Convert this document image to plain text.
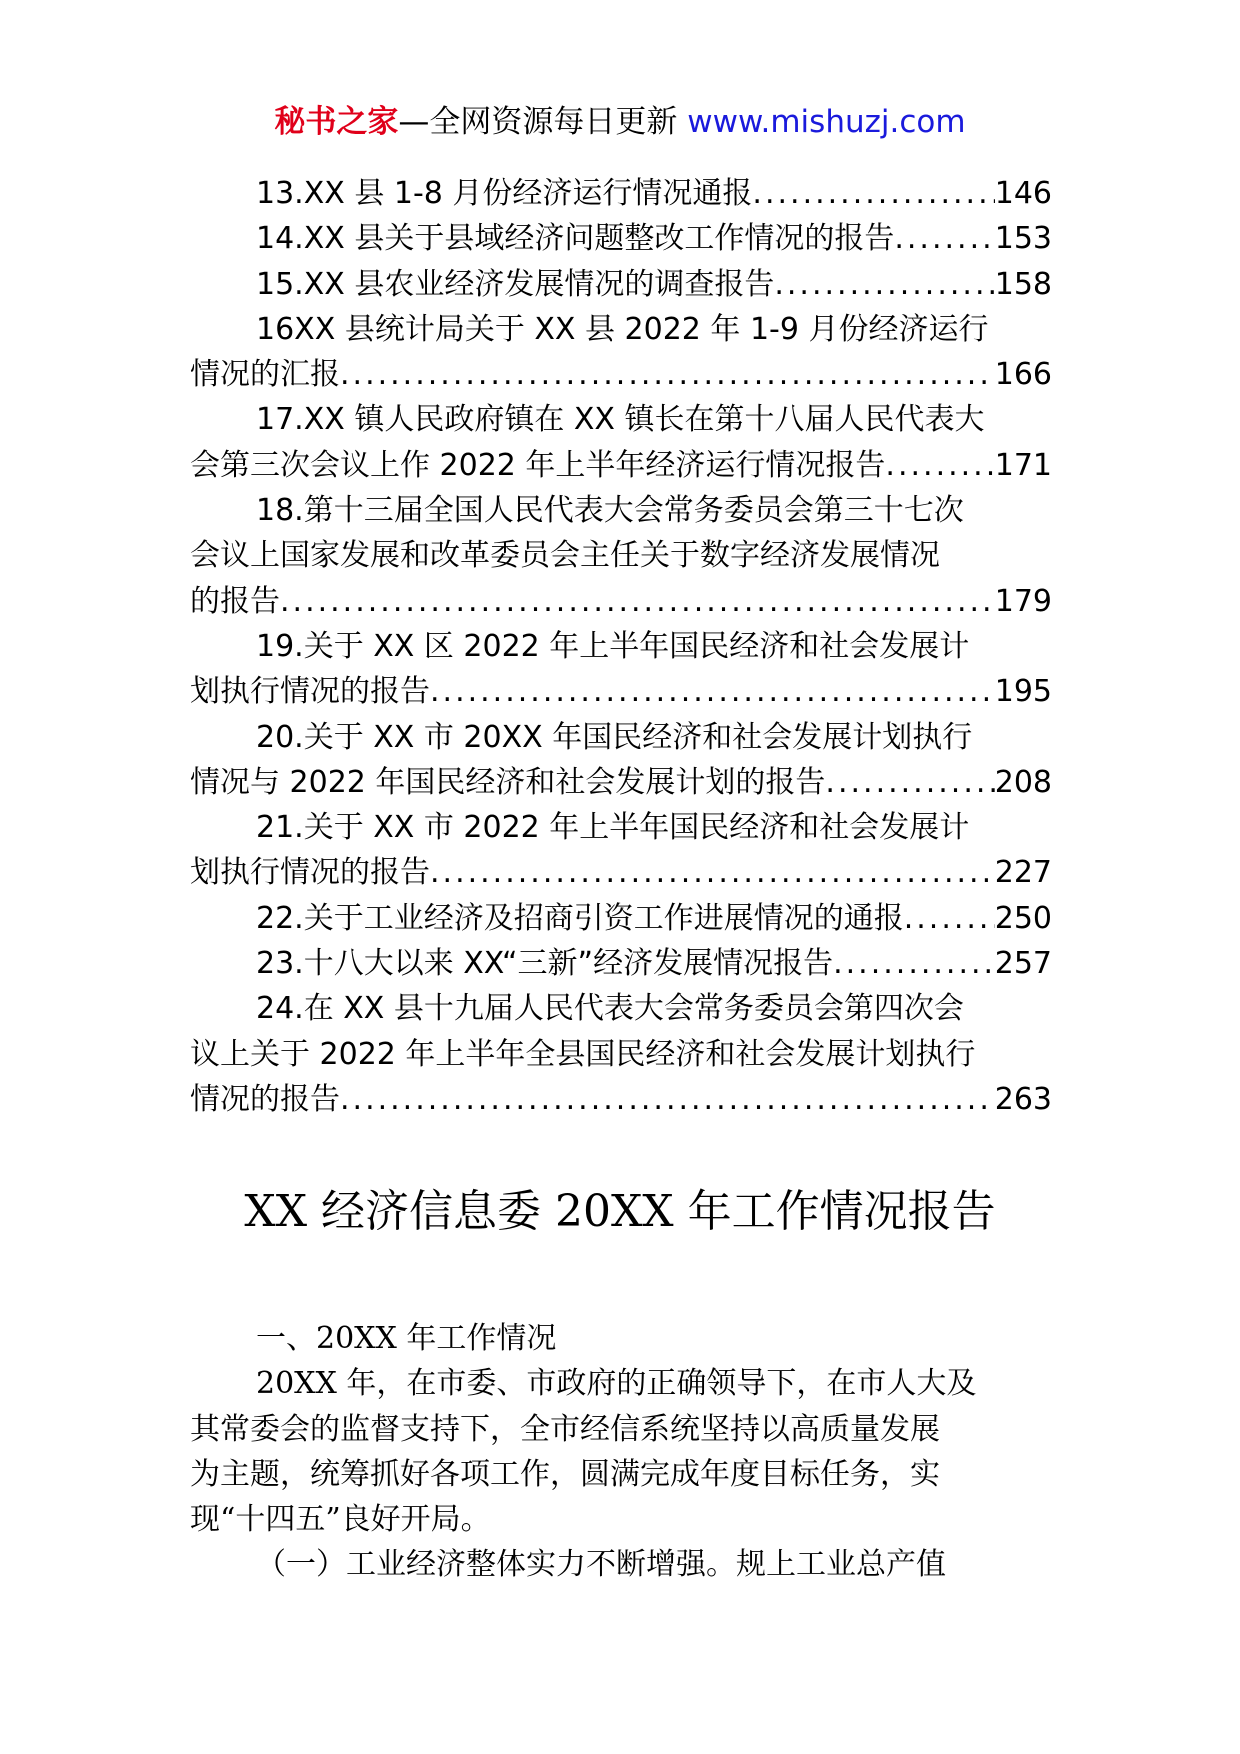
秘书之家—全网资源每日更新 www.mishuzj.com
13.XX 县 1-8 月份经济运行情况通报 .....	146
14.XX 县关于县域经济问题整改工作情况的报告 .....	153
15.XX 县农业经济发展情况的调查报告 .....	158
16XX 县统计局关于 XX 县 2022 年 1-9 月份经济运行
情况的汇报 .....	166
17.XX 镇人民政府镇在 XX 镇长在第十八届人民代表大
会第三次会议上作 2022 年上半年经济运行情况报告 .....	171
18.第十三届全国人民代表大会常务委员会第三十七次
会议上国家发展和改革委员会主任关于数字经济发展情况
的报告 .....	179
19.关于 XX 区 2022 年上半年国民经济和社会发展计
划执行情况的报告 .....	195
20.关于 XX 市 20XX 年国民经济和社会发展计划执行
情况与 2022 年国民经济和社会发展计划的报告 .....	208
21.关于 XX 市 2022 年上半年国民经济和社会发展计
划执行情况的报告 .....	227
22.关于工业经济及招商引资工作进展情况的通报 .....	250
23.十八大以来 XX“三新”经济发展情况报告 .....	257
24.在 XX 县十九届人民代表大会常务委员会第四次会
议上关于 2022 年上半年全县国民经济和社会发展计划执行
情况的报告 .....	263
XX 经济信息委 20XX 年工作情况报告
一、20XX 年工作情况
20XX 年，在市委、市政府的正确领导下，在市人大及
其常委会的监督支持下，全市经信系统坚持以高质量发展
为主题，统筹抓好各项工作，圆满完成年度目标任务，实
现“十四五”良好开局。
（一）工业经济整体实力不断增强。规上工业总产值
